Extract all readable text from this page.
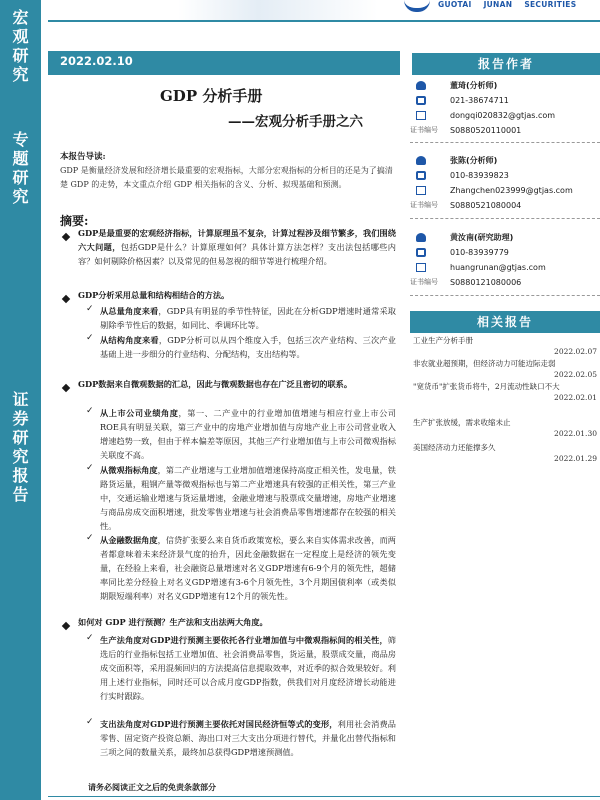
宏
观
研
究
专
题
研
究
证
券
研
究
报
告
GUOTAI JUNAN SECURITIES
2022.02.10	报告作者
董琦(分析师)
021-38674711
dongqi020832@gtjas.com
证书编号 S0880520110001
张陈(分析师)
010-83939823
Zhangchen023999@gtjas.com
证书编号 S0880521080004
黄汝南(研究助理)
010-83939779
huangrunan@gtjas.com
证书编号 S0880121080006
相关报告
工业生产分析手册
2022.02.07
非农就业超预期，但经济动力可能边际走弱
2022.02.05
"宽货币"扩张货币将牛，2月流动性缺口不大
2022.02.01
生产扩张放缓，需求收缩未止
2022.01.30
美国经济动力还能撑多久
2022.01.29
GDP 分析手册
——宏观分析手册之六
本报告导读:
GDP 是衡量经济发展和经济增长最重要的宏观指标，大部分宏观指标的分析目的还是为了搞清楚 GDP 的走势，本文重点介绍 GDP 相关指标的含义、分析、拟现基础和预测。
摘要:
GDP是最重要的宏观经济指标，计算原理虽不复杂，计算过程涉及细节繁多，我们围绕六大问题，包括GDP是什么？计算原理如何？具体计算方法怎样？支出法包括哪些内容？如何剔除价格因素？以及常见的但易忽视的细节等进行梳理介绍。
GDP分析采用总量和结构相结合的方法。
✓ 从总量角度来看，GDP具有明显的季节性特征，因此在分析GDP增速时通常采取剔除季节性后的数据，如同比、季调环比等。
✓ 从结构角度来看，GDP分析可以从四个维度入手，包括三次产业结构、三次产业基础上进一步细分的行业结构、分配结构，支出结构等。
GDP数据来自微观数据的汇总，因此与微观数据也存在广泛且密切的联系。
✓ 从上市公司业绩角度，第一、二产业中的行业增加值增速与相应行业上市公司ROE具有明显关联，第三产业中的房地产业增加值与房地产业上市公司营业收入增速趋势一致，但由于样本偏差等原因，其他三产行业增加值与上市公司微观指标关联度不高。
✓ 从微观指标角度，第二产业增速与工业增加值增速保持高度正相关性，发电量，铁路货运量，粗钢产量等微观指标也与第二产业增速具有较强的正相关性，第三产业中，交通运输业增速与货运量增速，金融业增速与股票成交量增速，房地产业增速与商品房成交面积增速，批发零售业增速与社会消费品零售增速都存在较强的相关性。
✓ 从金融数据角度，信贷扩张要么来自货币政策宽松，要么来自实体需求改善，而两者都意味着未来经济景气度的抬升，因此金融数据在一定程度上是经济的领先变量，在经验上来看，社会融资总量增速对名义GDP增速有6-9个月的领先性，超储率同比差分经验上对名义GDP增速有3-6个月领先性，3个月期国债利率（或类似期限短端利率）对名义GDP增速有12个月的领先性。
如何对 GDP 进行预测？生产法和支出法两大角度。
✓ 生产法角度对GDP进行预测主要依托各行业增加值与中微观指标间的相关性，筛选后的行业指标包括工业增加值、社会消费品零售，货运量，股票成交量，商品房成交面积等，采用混频回归的方法提高信息提取效率，对近季的拟合效果较好。利用上述行业指标，同时还可以合成月度GDP指数，供我们对月度经济增长动能进行实时跟踪。
✓ 支出法角度对GDP进行预测主要依托对国民经济恒等式的变形，利用社会消费品零售、固定资产投资总额、海出口对三大支出分项进行替代，并量化出替代指标和三项之间的数量关系，最终加总获得GDP增速预测值。
请务必阅读正文之后的免责条款部分
